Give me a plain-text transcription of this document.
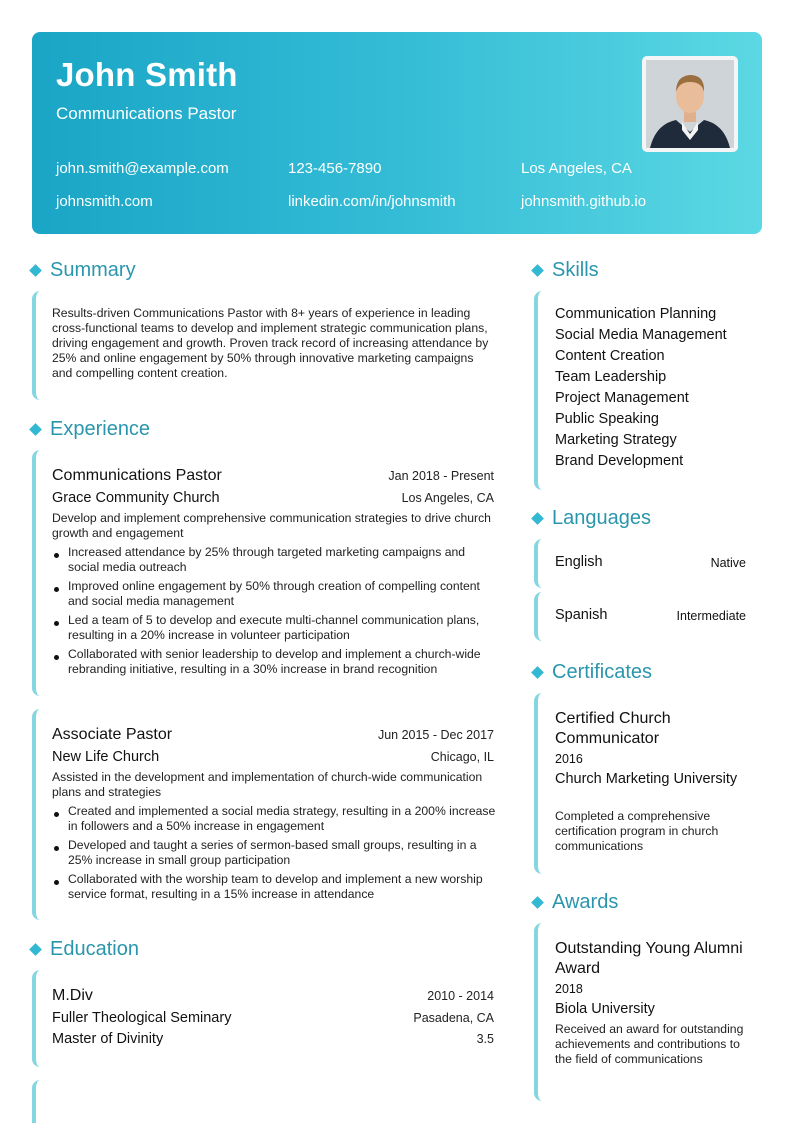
John Smith
Communications Pastor
john.smith@example.com	123-456-7890	Los Angeles, CA
johnsmith.com	linkedin.com/in/johnsmith	johnsmith.github.io
Summary
Results-driven Communications Pastor with 8+ years of experience in leading cross-functional teams to develop and implement strategic communication plans, driving engagement and growth. Proven track record of increasing attendance by 25% and online engagement by 50% through innovative marketing campaigns and compelling content creation.
Experience
Communications Pastor	Jan 2018 - Present
Grace Community Church	Los Angeles, CA
Develop and implement comprehensive communication strategies to drive church growth and engagement
Increased attendance by 25% through targeted marketing campaigns and social media outreach
Improved online engagement by 50% through creation of compelling content and social media management
Led a team of 5 to develop and execute multi-channel communication plans, resulting in a 20% increase in volunteer participation
Collaborated with senior leadership to develop and implement a church-wide rebranding initiative, resulting in a 30% increase in brand recognition
Associate Pastor	Jun 2015 - Dec 2017
New Life Church	Chicago, IL
Assisted in the development and implementation of church-wide communication plans and strategies
Created and implemented a social media strategy, resulting in a 200% increase in followers and a 50% increase in engagement
Developed and taught a series of sermon-based small groups, resulting in a 25% increase in small group participation
Collaborated with the worship team to develop and implement a new worship service format, resulting in a 15% increase in attendance
Education
M.Div	2010 - 2014
Fuller Theological Seminary	Pasadena, CA
Master of Divinity	3.5
Skills
Communication Planning
Social Media Management
Content Creation
Team Leadership
Project Management
Public Speaking
Marketing Strategy
Brand Development
Languages
English	Native
Spanish	Intermediate
Certificates
Certified Church Communicator
2016
Church Marketing University
Completed a comprehensive certification program in church communications
Awards
Outstanding Young Alumni Award
2018
Biola University
Received an award for outstanding achievements and contributions to the field of communications
